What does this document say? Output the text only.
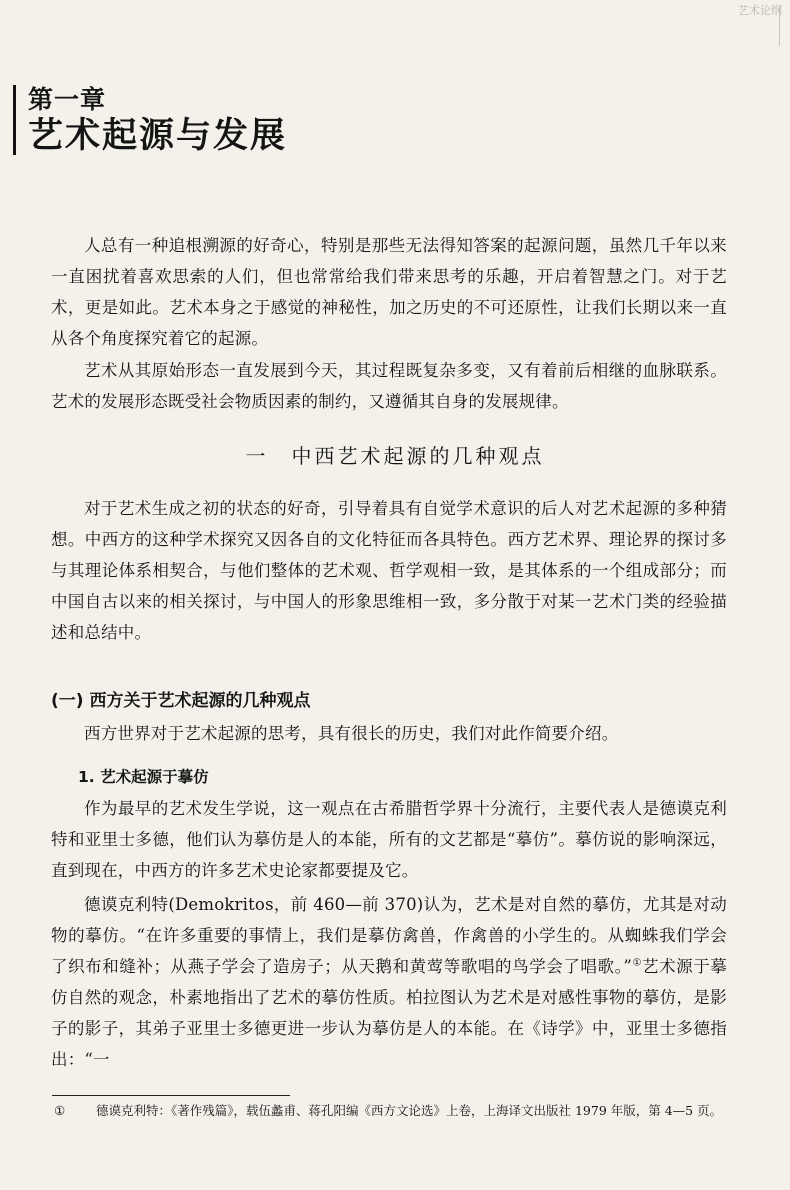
艺术论纲
第一章
艺术起源与发展

人总有一种追根溯源的好奇心，特别是那些无法得知答案的起源问题，虽然几千年以来一直困扰着喜欢思索的人们，但也常常给我们带来思考的乐趣，开启着智慧之门。对于艺术，更是如此。艺术本身之于感觉的神秘性，加之历史的不可还原性，让我们长期以来一直从各个角度探究着它的起源。

艺术从其原始形态一直发展到今天，其过程既复杂多变，又有着前后相继的血脉联系。艺术的发展形态既受社会物质因素的制约，又遵循其自身的发展规律。

一　中西艺术起源的几种观点

对于艺术生成之初的状态的好奇，引导着具有自觉学术意识的后人对艺术起源的多种猜想。中西方的这种学术探究又因各自的文化特征而各具特色。西方艺术界、理论界的探讨多与其理论体系相契合，与他们整体的艺术观、哲学观相一致，是其体系的一个组成部分；而中国自古以来的相关探讨，与中国人的形象思维相一致，多分散于对某一艺术门类的经验描述和总结中。

(一) 西方关于艺术起源的几种观点

西方世界对于艺术起源的思考，具有很长的历史，我们对此作简要介绍。

1. 艺术起源于摹仿

作为最早的艺术发生学说，这一观点在古希腊哲学界十分流行，主要代表人是德谟克利特和亚里士多德，他们认为摹仿是人的本能，所有的文艺都是“摹仿”。摹仿说的影响深远，直到现在，中西方的许多艺术史论家都要提及它。

德谟克利特(Demokritos，前 460—前 370)认为，艺术是对自然的摹仿，尤其是对动物的摹仿。“在许多重要的事情上，我们是摹仿禽兽，作禽兽的小学生的。从蜘蛛我们学会了织布和缝补；从燕子学会了造房子；从天鹅和黄莺等歌唱的鸟学会了唱歌。”①艺术源于摹仿自然的观念，朴素地指出了艺术的摹仿性质。柏拉图认为艺术是对感性事物的摹仿，是影子的影子，其弟子亚里士多德更进一步认为摹仿是人的本能。在《诗学》中，亚里士多德指出：“一

① 德谟克利特：《著作残篇》，载伍蠡甫、蒋孔阳编《西方文论选》上卷，上海译文出版社 1979 年版，第 4—5 页。
